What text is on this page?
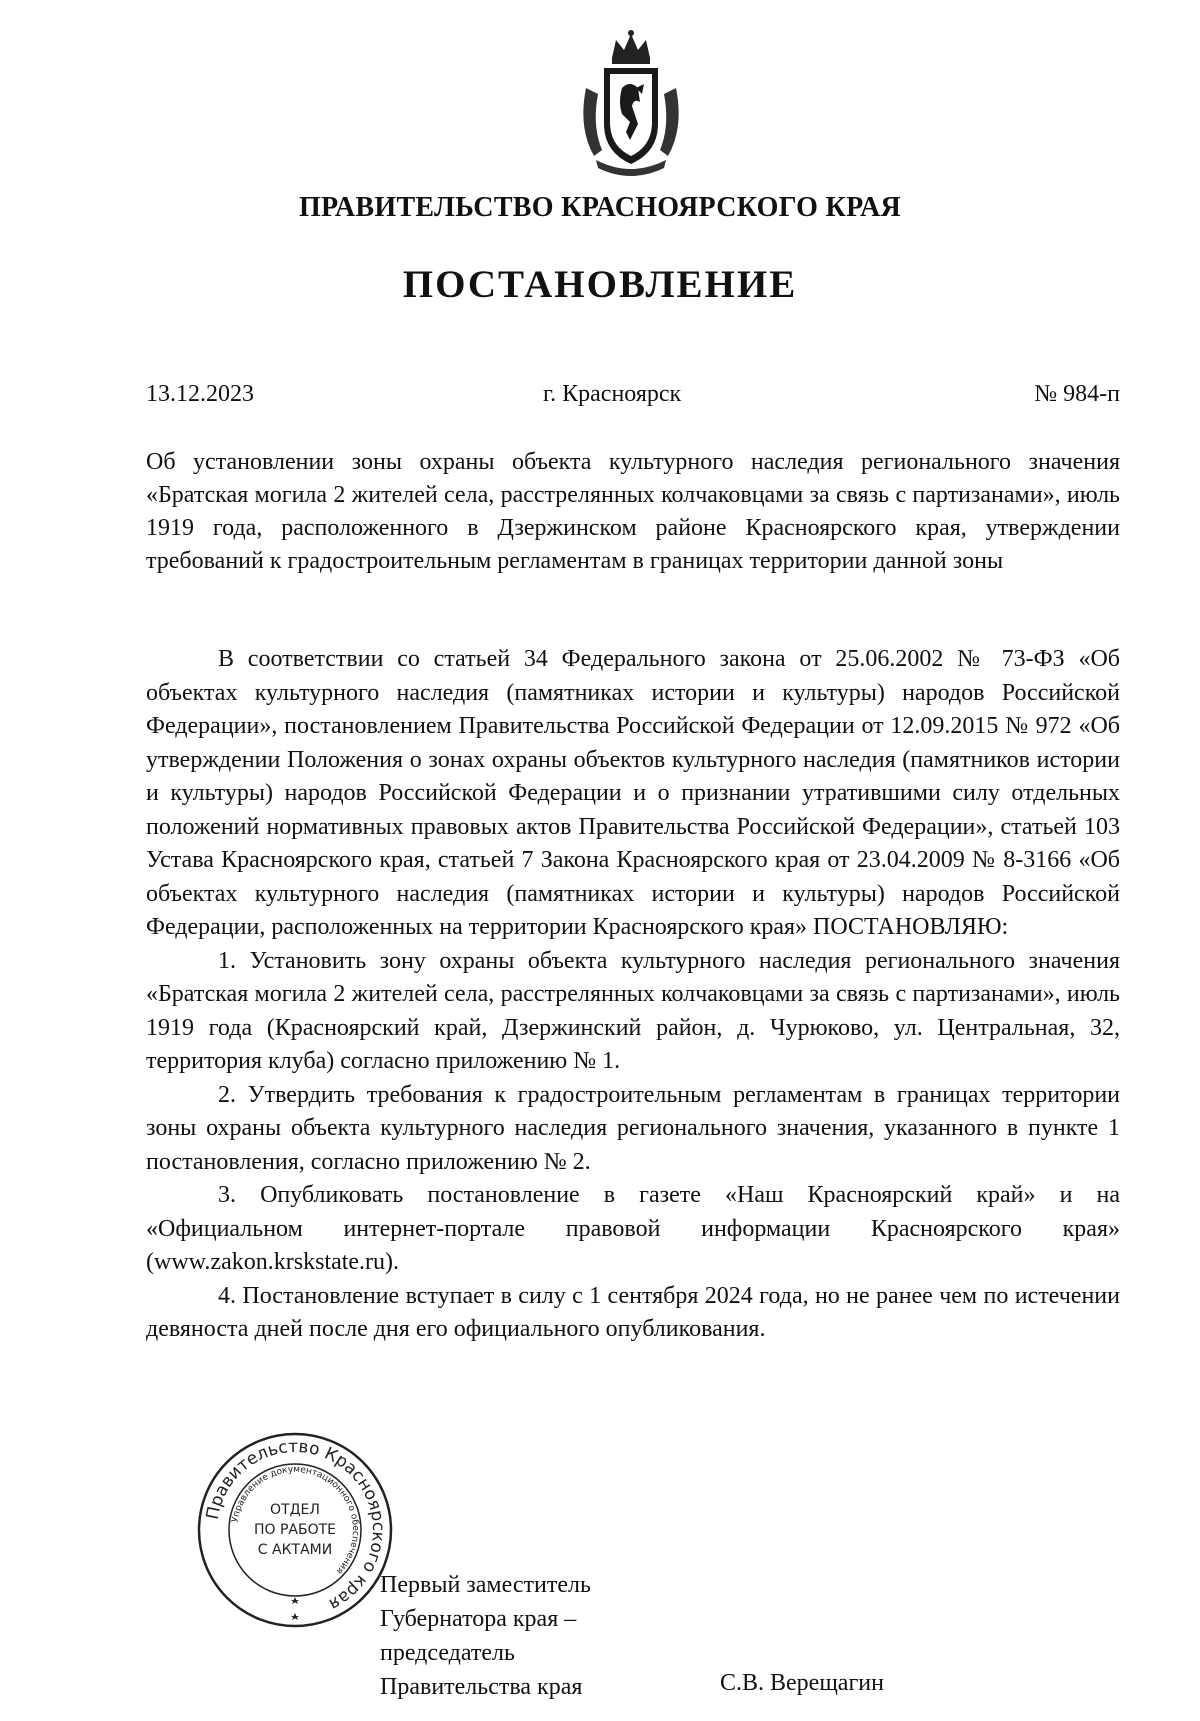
ПРАВИТЕЛЬСТВО КРАСНОЯРСКОГО КРАЯ
ПОСТАНОВЛЕНИЕ
13.12.2023	г. Красноярск	№ 984-п
Об установлении зоны охраны объекта культурного наследия регионального значения «Братская могила 2 жителей села, расстрелянных колчаковцами за связь с партизанами», июль 1919 года, расположенного в Дзержинском районе Красноярского края, утверждении требований к градостроительным регламентам в границах территории данной зоны

В соответствии со статьей 34 Федерального закона от 25.06.2002 № 73-ФЗ «Об объектах культурного наследия (памятниках истории и культуры) народов Российской Федерации», постановлением Правительства Российской Федерации от 12.09.2015 № 972 «Об утверждении Положения о зонах охраны объектов культурного наследия (памятников истории и культуры) народов Российской Федерации и о признании утратившими силу отдельных положений нормативных правовых актов Правительства Российской Федерации», статьей 103 Устава Красноярского края, статьей 7 Закона Красноярского края от 23.04.2009 № 8-3166 «Об объектах культурного наследия (памятниках истории и культуры) народов Российской Федерации, расположенных на территории Красноярского края» ПОСТАНОВЛЯЮ:

1. Установить зону охраны объекта культурного наследия регионального значения «Братская могила 2 жителей села, расстрелянных колчаковцами за связь с партизанами», июль 1919 года (Красноярский край, Дзержинский район, д. Чурюково, ул. Центральная, 32, территория клуба) согласно приложению № 1.

2. Утвердить требования к градостроительным регламентам в границах территории зоны охраны объекта культурного наследия регионального значения, указанного в пункте 1 постановления, согласно приложению № 2.

3. Опубликовать постановление в газете «Наш Красноярский край» и на «Официальном интернет-портале правовой информации Красноярского края» (www.zakon.krskstate.ru).

4. Постановление вступает в силу с 1 сентября 2024 года, но не ранее чем по истечении девяноста дней после дня его официального опубликования.

Правительство Красноярского края
Управление документационного обеспечения
ОТДЕЛ
ПО РАБОТЕ
С АКТАМИ
Первый заместитель
Губернатора края –
председатель
Правительства края	С.В. Верещагин
